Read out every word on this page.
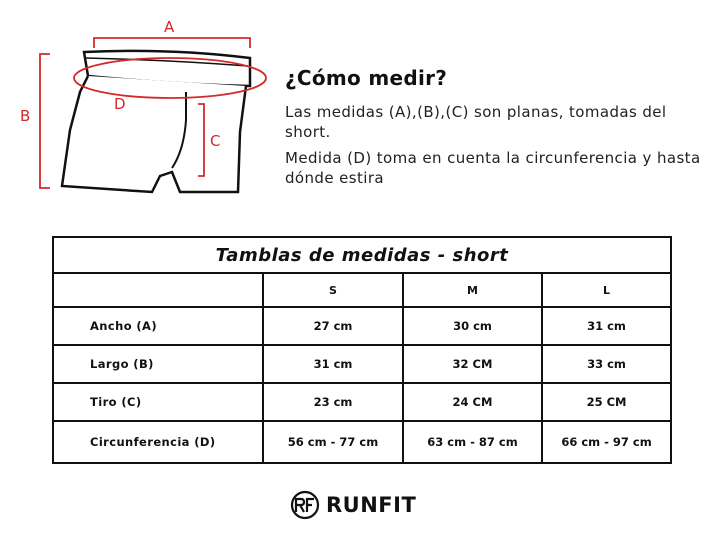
A
B
C
D
¿Cómo medir?

Las medidas (A),(B),(C) son planas, tomadas del short.

Medida (D) toma en cuenta la circunferencia y hasta dónde estira

Tamblas de medidas - short			
	S	M	L
Ancho (A)	27 cm	30 cm	31 cm
Largo (B)	31 cm	32 CM	33 cm
Tiro (C)	23 cm	24 CM	25 CM
Circunferencia (D)	56 cm - 77 cm	63 cm - 87 cm	66 cm - 97 cm
RUNFIT
